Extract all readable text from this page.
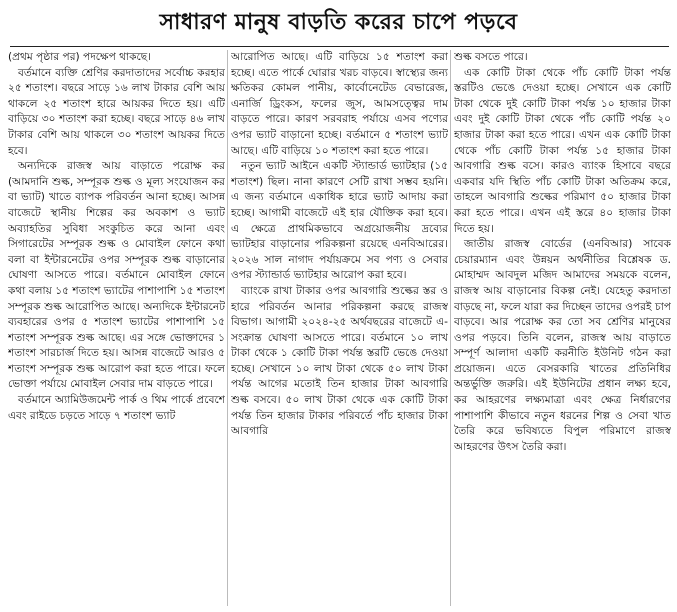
সাধারণ মানুষ বাড়তি করের চাপে পড়বে

(প্রথম পৃষ্ঠার পর) পদক্ষেপ থাকছে।

বর্তমানে ব্যক্তি শ্রেণির করদাতাদের সর্বোচ্চ করহার ২৫ শতাংশ। বছরে সাড়ে ১৬ লাখ টাকার বেশি আয় থাকলে ২৫ শতাংশ হারে আয়কর দিতে হয়। এটি বাড়িয়ে ৩০ শতাংশ করা হচ্ছে। বছরে সাড়ে ৪৬ লাখ টাকার বেশি আয় থাকলে ৩০ শতাংশ আয়কর দিতে হবে।

অন্যদিকে রাজস্ব আয় বাড়াতে পরোক্ষ কর (আমদানি শুল্ক, সম্পূরক শুল্ক ও মূল্য সংযোজন কর বা ভ্যাট) খাতে ব্যাপক পরিবর্তন আনা হচ্ছে। আসন্ন বাজেটে স্থানীয় শিল্পের কর অবকাশ ও ভ্যাট অব্যাহতির সুবিধা সংকুচিত করে আনা এবং সিগারেটের সম্পূরক শুল্ক ও মোবাইল ফোনে কথা বলা বা ইন্টারনেটের ওপর সম্পূরক শুল্ক বাড়ানোর ঘোষণা আসতে পারে। বর্তমানে মোবাইল ফোনে কথা বলায় ১৫ শতাংশ ভ্যাটের পাশাপাশি ১৫ শতাংশ সম্পূরক শুল্ক আরোপিত আছে। অন্যদিকে ইন্টারনেট ব্যবহারের ওপর ৫ শতাংশ ভ্যাটের পাশাপাশি ১৫ শতাংশ সম্পূরক শুল্ক আছে। এর সঙ্গে ভোক্তাদের ১ শতাংশ সারচার্জ দিতে হয়। আসন্ন বাজেটে আরও ৫ শতাংশ সম্পূরক শুল্ক আরোপ করা হতে পারে। ফলে ভোক্তা পর্যায়ে মোবাইল সেবার দাম বাড়তে পারে।

বর্তমানে অ্যামিউজমেন্ট পার্ক ও থিম পার্কে প্রবেশে এবং রাইডে চড়তে সাড়ে ৭ শতাংশ ভ্যাট

আরোপিত আছে। এটি বাড়িয়ে ১৫ শতাংশ করা হচ্ছে। এতে পার্কে ঘোরার খরচ বাড়বে। স্বাস্থ্যের জন্য ক্ষতিকর কোমল পানীয়, কার্বোনেটেড বেভারেজ, এনার্জি ড্রিংকস, ফলের জুস, আমসত্ত্বের দাম বাড়তে পারে। কারণ সরবরাহ পর্যায়ে এসব পণ্যের ওপর ভ্যাট বাড়ানো হচ্ছে। বর্তমানে ৫ শতাংশ ভ্যাট আছে। এটি বাড়িয়ে ১০ শতাংশ করা হতে পারে।

নতুন ভ্যাট আইনে একটি স্ট্যান্ডার্ড ভ্যাটহার (১৫ শতাংশ) ছিল। নানা কারণে সেটি রাখা সম্ভব হয়নি। এ জন্য বর্তমানে একাধিক হারে ভ্যাট আদায় করা হচ্ছে। আগামী বাজেটে এই হার যৌক্তিক করা হবে। এ ক্ষেত্রে প্রাথমিকভাবে অগ্রয়োজনীয় দ্রব্যের ভ্যাটহার বাড়ানোর পরিকল্পনা রয়েছে এনবিআরের। ২০২৬ সাল নাগাদ পর্যায়ক্রমে সব পণ্য ও সেবার ওপর স্ট্যান্ডার্ড ভ্যাটহার আরোপ করা হবে।

ব্যাংকে রাখা টাকার ওপর আবগারি শুল্কের স্তর ও হারে পরিবর্তন আনার পরিকল্পনা করছে রাজস্ব বিভাগ। আগামী ২০২৪-২৫ অর্থবছরের বাজেটে এ-সংক্রান্ত ঘোষণা আসতে পারে। বর্তমানে ১০ লাখ টাকা থেকে ১ কোটি টাকা পর্যন্ত স্তরটি ভেঙে দেওয়া হচ্ছে। সেখানে ১০ লাখ টাকা থেকে ৫০ লাখ টাকা পর্যন্ত আগের মতোই তিন হাজার টাকা আবগারি শুল্ক বসবে। ৫০ লাখ টাকা থেকে এক কোটি টাকা পর্যন্ত তিন হাজার টাকার পরিবর্তে পাঁচ হাজার টাকা আবগারি

শুল্ক বসতে পারে।

এক কোটি টাকা থেকে পাঁচ কোটি টাকা পর্যন্ত স্তরটিও ভেঙে দেওয়া হচ্ছে। সেখানে এক কোটি টাকা থেকে দুই কোটি টাকা পর্যন্ত ১০ হাজার টাকা এবং দুই কোটি টাকা থেকে পাঁচ কোটি পর্যন্ত ২০ হাজার টাকা করা হতে পারে। এখন এক কোটি টাকা থেকে পাঁচ কোটি টাকা পর্যন্ত ১৫ হাজার টাকা আবগারি শুল্ক বসে। কারও ব্যাংক হিসাবে বছরে একবার যদি স্থিতি পাঁচ কোটি টাকা অতিক্রম করে, তাহলে আবগারি শুল্কের পরিমাণ ৫০ হাজার টাকা করা হতে পারে। এখন এই স্তরে ৪০ হাজার টাকা দিতে হয়।

জাতীয় রাজস্ব বোর্ডের (এনবিআর) সাবেক চেয়ারম্যান এবং উন্নয়ন অর্থনীতির বিশ্লেষক ড. মোহাম্মদ আবদুল মজিদ আমাদের সময়কে বলেন, রাজস্ব আয় বাড়ানোর বিকল্প নেই। যেহেতু করদাতা বাড়ছে না, ফলে যারা কর দিচ্ছেন তাদের ওপরই চাপ বাড়বে। আর পরোক্ষ কর তো সব শ্রেণির মানুষের ওপর পড়বে। তিনি বলেন, রাজস্ব আয় বাড়াতে সম্পূর্ণ আলাদা একটি করনীতি ইউনিট গঠন করা প্রয়োজন। এতে বেসরকারি খাতের প্রতিনিধির অন্তর্ভুক্তি জরুরি। এই ইউনিটের প্রধান লক্ষ্য হবে, কর আহরণের লক্ষ্যমাত্রা এবং ক্ষেত্র নির্ধারণের পাশাপাশি কীভাবে নতুন ধরনের শিল্প ও সেবা খাত তৈরি করে ভবিষ্যতে বিপুল পরিমাণে রাজস্ব আহরণের উৎস তৈরি করা।
